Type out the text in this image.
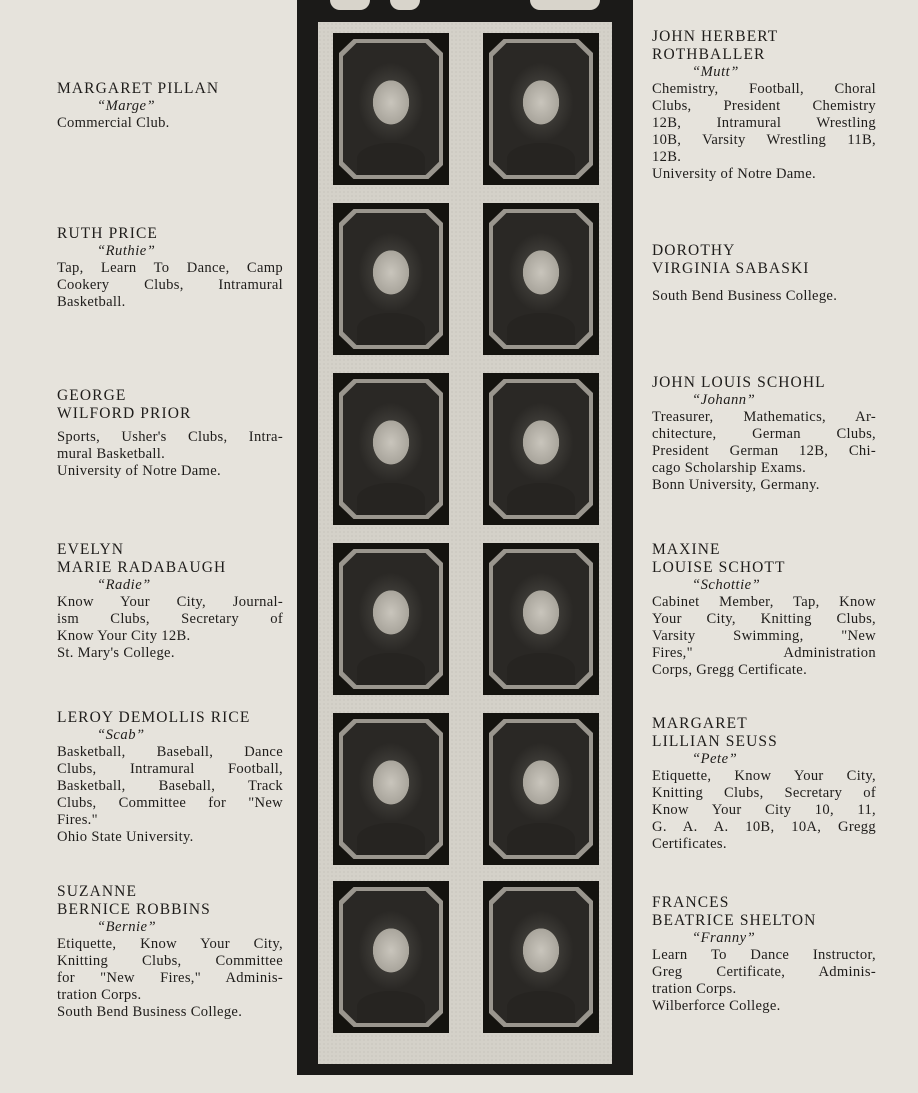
MARGARET PILLAN
“ Marge ”
Commercial Club.
RUTH PRICE
“ Ruthie ”
Tap, Learn To Dance, Camp
Cookery Clubs, Intramural
Basketball.
GEORGE
WILFORD PRIOR
Sports, Usher's Clubs, Intra-
mural Basketball.
University of Notre Dame.
EVELYN
MARIE RADABAUGH
“ Radie ”
Know Your City, Journal-
ism Clubs, Secretary of
Know Your City 12B.
St. Mary's College.
LEROY DEMOLLIS RICE
“ Scab ”
Basketball, Baseball, Dance
Clubs, Intramural Football,
Basketball, Baseball, Track
Clubs, Committee for "New
Fires."
Ohio State University.
SUZANNE
BERNICE ROBBINS
“ Bernie ”
Etiquette, Know Your City,
Knitting Clubs, Committee
for "New Fires," Adminis-
tration Corps.
South Bend Business College.
JOHN HERBERT
ROTHBALLER
“ Mutt ”
Chemistry, Football, Choral
Clubs, President Chemistry
12B, Intramural Wrestling
10B, Varsity Wrestling 11B,
12B.
University of Notre Dame.
DOROTHY
VIRGINIA SABASKI
South Bend Business College.
JOHN LOUIS SCHOHL
“ Johann ”
Treasurer, Mathematics, Ar-
chitecture, German Clubs,
President German 12B, Chi-
cago Scholarship Exams.
Bonn University, Germany.
MAXINE
LOUISE SCHOTT
“ Schottie ”
Cabinet Member, Tap, Know
Your City, Knitting Clubs,
Varsity Swimming, "New
Fires," Administration
Corps, Gregg Certificate.
MARGARET
LILLIAN SEUSS
“ Pete ”
Etiquette, Know Your City,
Knitting Clubs, Secretary of
Know Your City 10, 11,
G. A. A. 10B, 10A, Gregg
Certificates.
FRANCES
BEATRICE SHELTON
“ Franny ”
Learn To Dance Instructor,
Greg Certificate, Adminis-
tration Corps.
Wilberforce College.
